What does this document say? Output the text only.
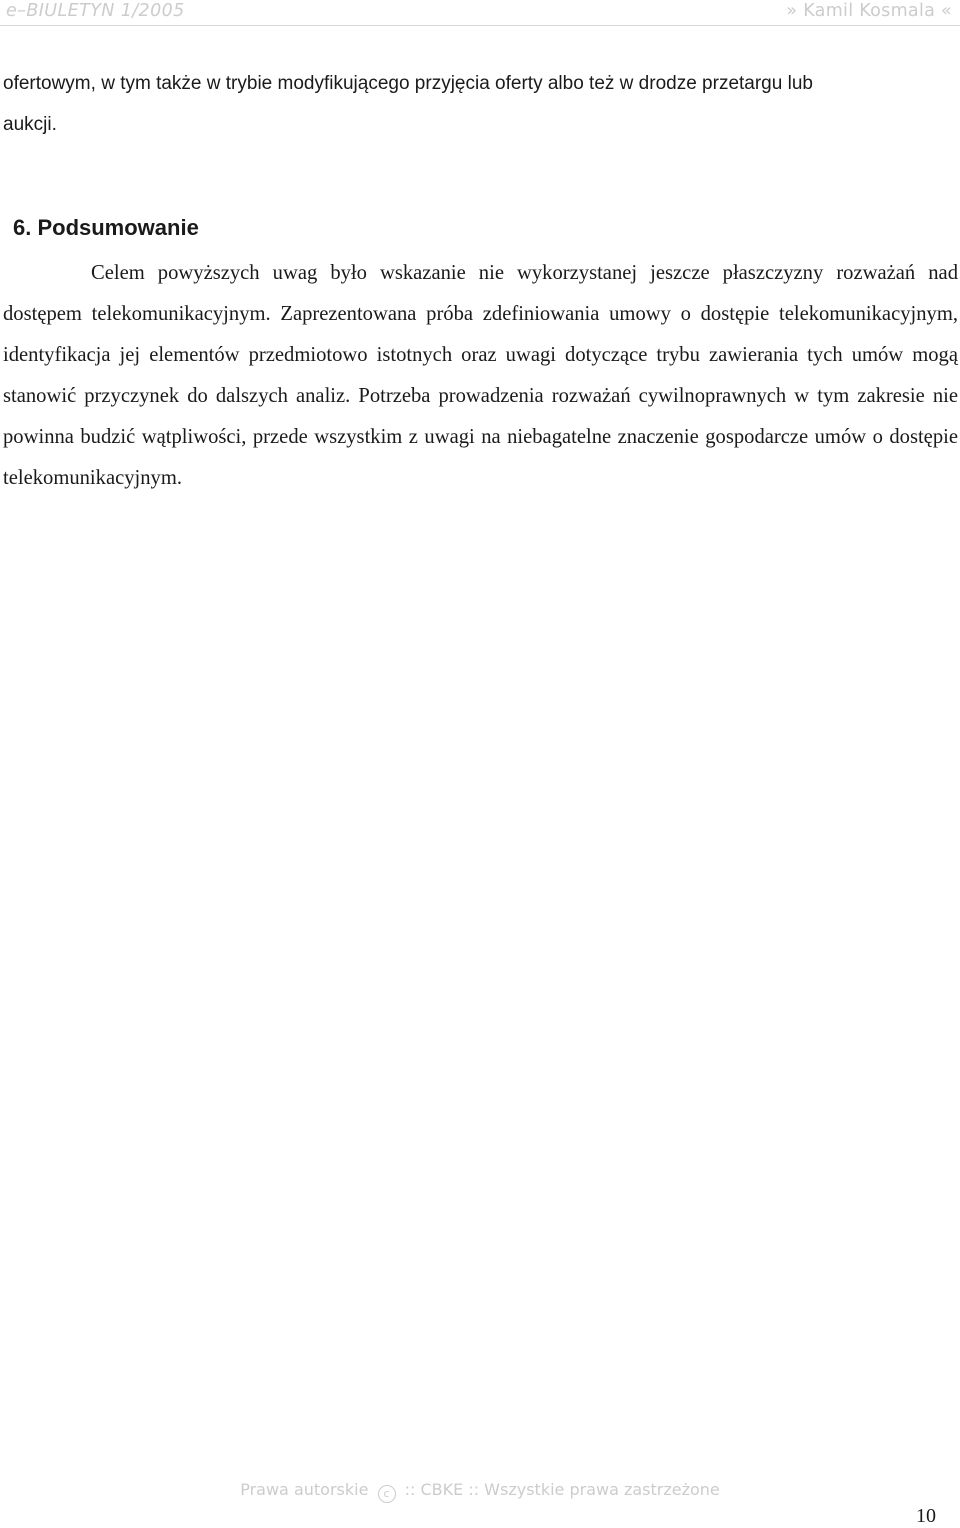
e–BIULETYN 1/2005	» Kamil Kosmala «
ofertowym, w tym także w trybie modyfikującego przyjęcia oferty albo też w drodze przetargu lub
aukcji.
6. Podsumowanie

Celem powyższych uwag było wskazanie nie wykorzystanej jeszcze płaszczyzny rozważań nad dostępem telekomunikacyjnym. Zaprezentowana próba zdefiniowania umowy o dostępie telekomunikacyjnym, identyfikacja jej elementów przedmiotowo istotnych oraz uwagi dotyczące trybu zawierania tych umów mogą stanowić przyczynek do dalszych analiz. Potrzeba prowadzenia rozważań cywilnoprawnych w tym zakresie nie powinna budzić wątpliwości, przede wszystkim z uwagi na niebagatelne znaczenie gospodarcze umów o dostępie telekomunikacyjnym.

Prawa autorskie c :: CBKE :: Wszystkie prawa zastrzeżone
10
